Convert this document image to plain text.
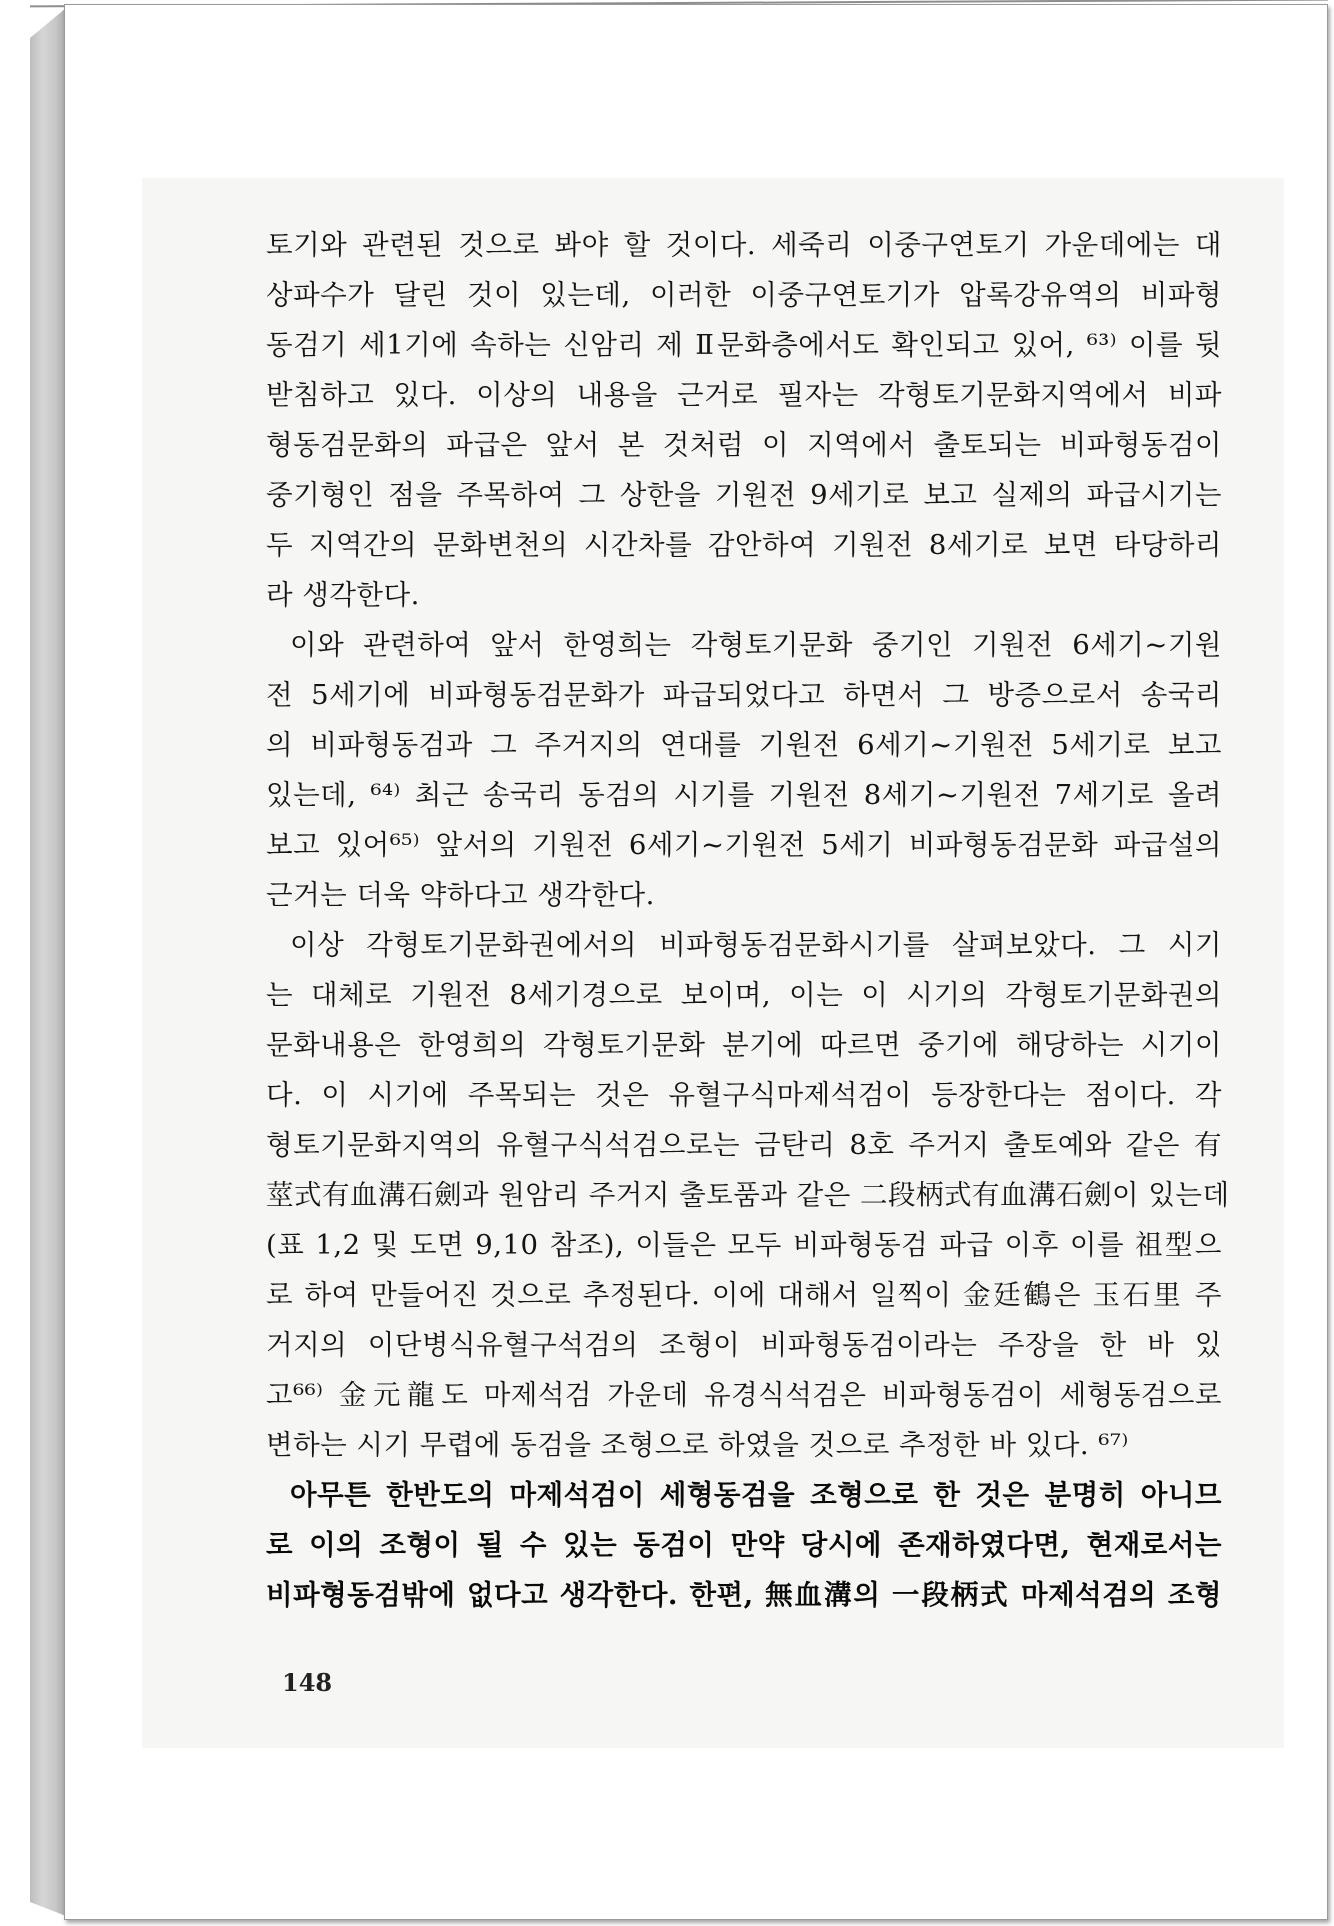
토기와 관련된 것으로 봐야 할 것이다. 세죽리 이중구연토기 가운데에는 대
상파수가 달린 것이 있는데, 이러한 이중구연토기가 압록강유역의 비파형
동검기 세1기에 속하는 신암리 제 Ⅱ문화층에서도 확인되고 있어, ⁶³⁾ 이를 뒷
받침하고 있다. 이상의 내용을 근거로 필자는 각형토기문화지역에서 비파
형동검문화의 파급은 앞서 본 것처럼 이 지역에서 출토되는 비파형동검이
중기형인 점을 주목하여 그 상한을 기원전 9세기로 보고 실제의 파급시기는
두 지역간의 문화변천의 시간차를 감안하여 기원전 8세기로 보면 타당하리
라 생각한다.
이와 관련하여 앞서 한영희는 각형토기문화 중기인 기원전 6세기~기원
전 5세기에 비파형동검문화가 파급되었다고 하면서 그 방증으로서 송국리
의 비파형동검과 그 주거지의 연대를 기원전 6세기~기원전 5세기로 보고
있는데, ⁶⁴⁾ 최근 송국리 동검의 시기를 기원전 8세기~기원전 7세기로 올려
보고 있어⁶⁵⁾ 앞서의 기원전 6세기~기원전 5세기 비파형동검문화 파급설의
근거는 더욱 약하다고 생각한다.
이상 각형토기문화권에서의 비파형동검문화시기를 살펴보았다. 그 시기
는 대체로 기원전 8세기경으로 보이며, 이는 이 시기의 각형토기문화권의
문화내용은 한영희의 각형토기문화 분기에 따르면 중기에 해당하는 시기이
다. 이 시기에 주목되는 것은 유혈구식마제석검이 등장한다는 점이다. 각
형토기문화지역의 유혈구식석검으로는 금탄리 8호 주거지 출토예와 같은 有
莖式有血溝石劍과 원암리 주거지 출토품과 같은 二段柄式有血溝石劍이 있는데
(표 1,2 및 도면 9,10 참조), 이들은 모두 비파형동검 파급 이후 이를 祖型으
로 하여 만들어진 것으로 추정된다. 이에 대해서 일찍이 金廷鶴은 玉石里 주
거지의 이단병식유혈구석검의 조형이 비파형동검이라는 주장을 한 바 있
고⁶⁶⁾ 金元龍도 마제석검 가운데 유경식석검은 비파형동검이 세형동검으로
변하는 시기 무렵에 동검을 조형으로 하였을 것으로 추정한 바 있다. ⁶⁷⁾
아무튼 한반도의 마제석검이 세형동검을 조형으로 한 것은 분명히 아니므
로 이의 조형이 될 수 있는 동검이 만약 당시에 존재하였다면, 현재로서는
비파형동검밖에 없다고 생각한다. 한편, 無血溝의 一段柄式 마제석검의 조형
148
